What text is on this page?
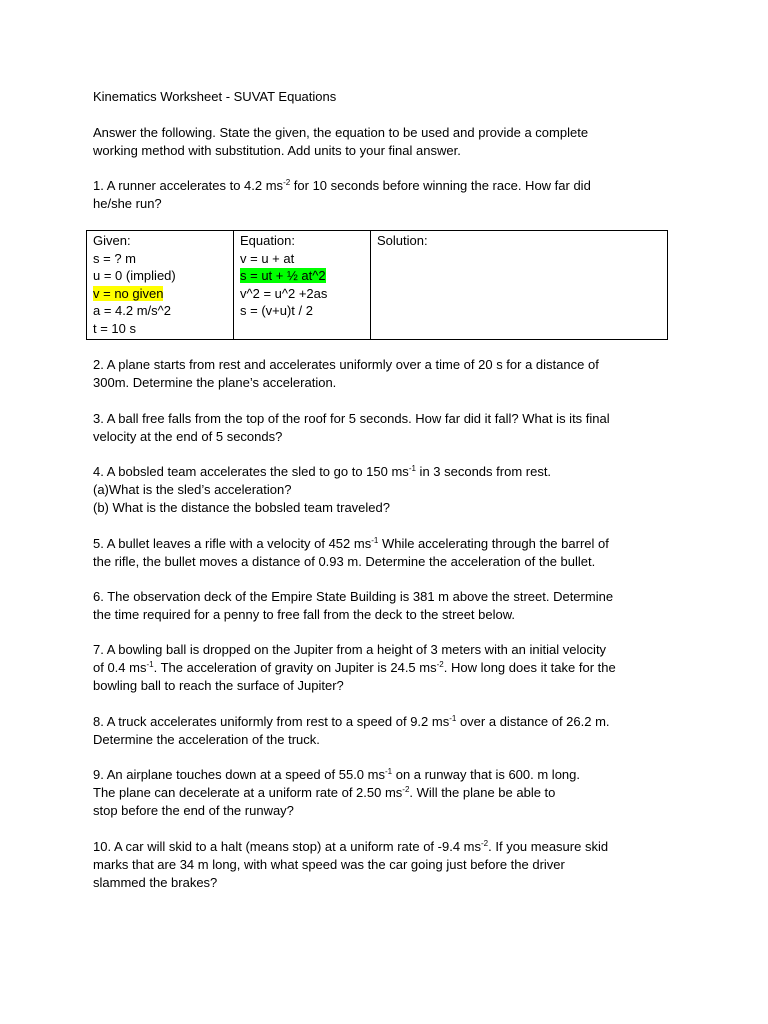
Kinematics Worksheet - SUVAT Equations
Answer the following. State the given, the equation to be used and provide a complete
working method with substitution. Add units to your final answer.
1. A runner accelerates to 4.2 $ms^{-2}$ for 10 seconds before winning the race. How far did
he/she run?
Given:
s = ? m
u = 0 (implied)
v = no given
a = 4.2 m/s^2
t = 10 s

Equation:
v = u + at
s = ut + ½ at^2
v^2 = u^2 +2as
s = (v+u)t / 2

Solution:
2. A plane starts from rest and accelerates uniformly over a time of 20 s for a distance of
300m. Determine the plane’s acceleration.
3. A ball free falls from the top of the roof for 5 seconds. How far did it fall? What is its final
velocity at the end of 5 seconds?
4. A bobsled team accelerates the sled to go to 150 $ms^{-1}$ in 3 seconds from rest.
(a)What is the sled’s acceleration?
(b) What is the distance the bobsled team traveled?
5. A bullet leaves a rifle with a velocity of 452 $ms^{-1}$ While accelerating through the barrel of
the rifle, the bullet moves a distance of 0.93 m. Determine the acceleration of the bullet.
6. The observation deck of the Empire State Building is 381 m above the street. Determine
the time required for a penny to free fall from the deck to the street below.
7. A bowling ball is dropped on the Jupiter from a height of 3 meters with an initial velocity
of 0.4 $ms^{-1}$. The acceleration of gravity on Jupiter is 24.5 $ms^{-2}$. How long does it take for the
bowling ball to reach the surface of Jupiter?
8. A truck accelerates uniformly from rest to a speed of 9.2 $ms^{-1}$ over a distance of 26.2 m.
Determine the acceleration of the truck.
9. An airplane touches down at a speed of 55.0 $ms^{-1}$ on a runway that is 600. m long.
The plane can decelerate at a uniform rate of 2.50 $ms^{-2}$. Will the plane be able to
stop before the end of the runway?
10. A car will skid to a halt (means stop) at a uniform rate of -9.4 $ms^{-2}$. If you measure skid
marks that are 34 m long, with what speed was the car going just before the driver
slammed the brakes?
